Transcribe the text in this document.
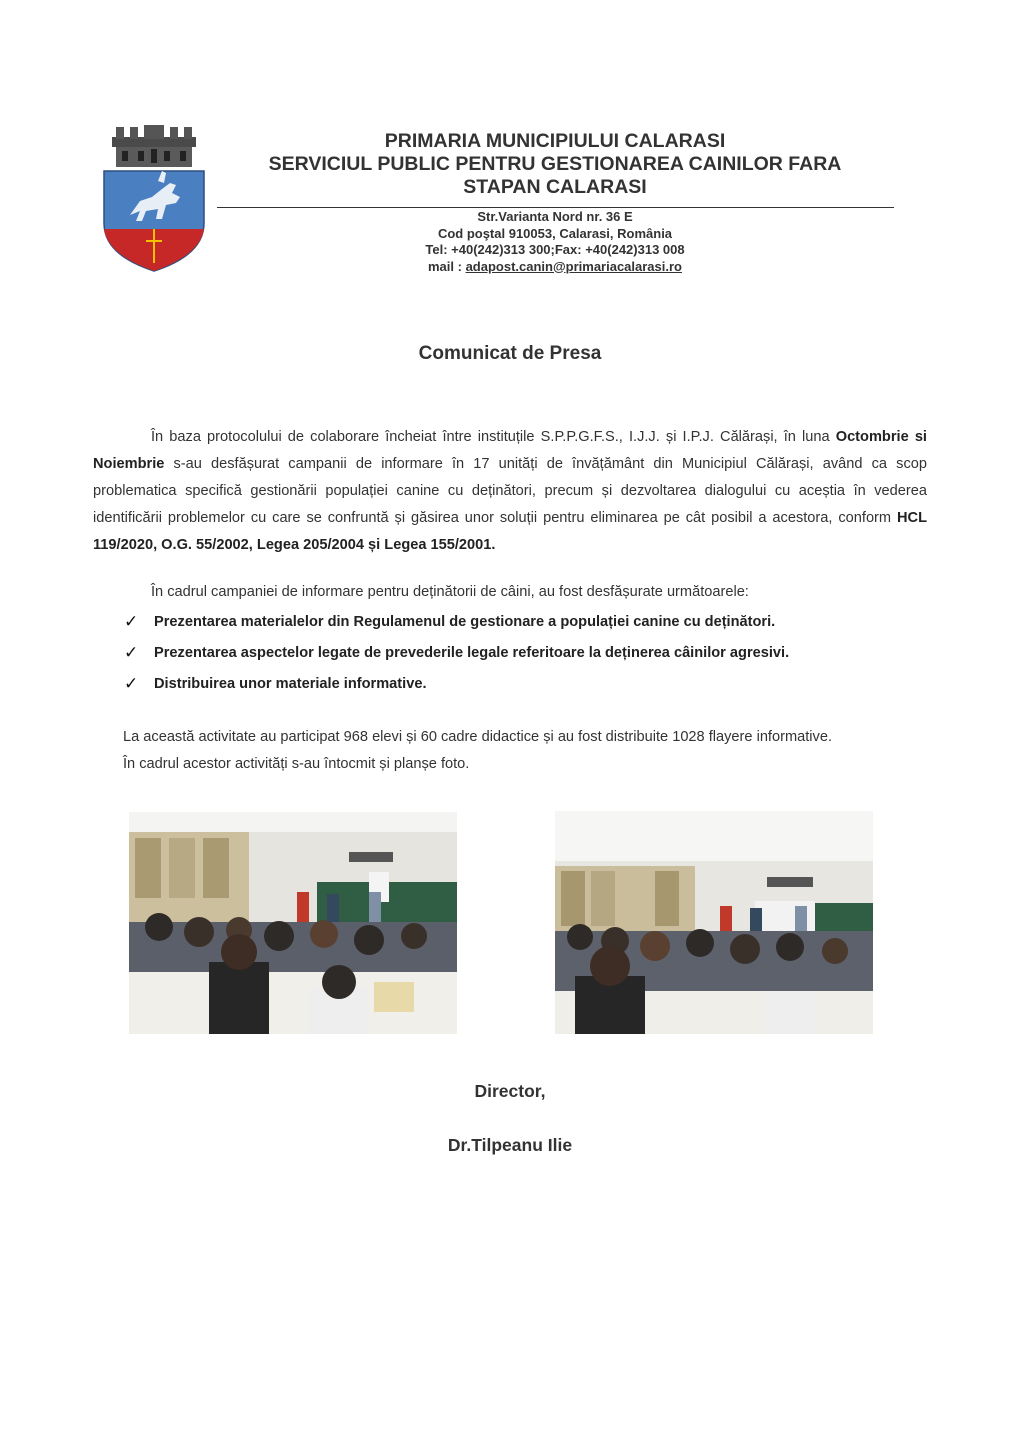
PRIMARIA MUNICIPIULUI CALARASI
SERVICIUL PUBLIC PENTRU GESTIONAREA CAINILOR FARA
STAPAN CALARASI
Str.Varianta Nord nr. 36 E
Cod poştal 910053, Calarasi, România
Tel: +40(242)313 300;Fax: +40(242)313 008
mail : adapost.canin@primariacalarasi.ro
Comunicat de Presa
În baza protocolului de colaborare încheiat între instituțile S.P.P.G.F.S., I.J.J. și I.P.J. Călărași, în luna Octombrie si Noiembrie s-au desfășurat campanii de informare în 17 unități de învățământ din Municipiul Călărași, având ca scop problematica specifică gestionării populației canine cu deținători, precum și dezvoltarea dialogului cu aceștia în vederea identificării problemelor cu care se confruntă și găsirea unor soluții pentru eliminarea pe cât posibil a acestora, conform HCL 119/2020, O.G. 55/2002, Legea 205/2004 și Legea 155/2001.
În cadrul campaniei de informare pentru deținătorii de câini, au fost desfășurate următoarele:
✓ Prezentarea materialelor din Regulamenul de gestionare a populației canine cu deținători.
✓ Prezentarea aspectelor legate de prevederile legale referitoare la deținerea câinilor agresivi.
✓ Distribuirea unor materiale informative.
La această activitate au participat 968 elevi și 60 cadre didactice și au fost distribuite 1028 flayere informative.
În cadrul acestor activități s-au întocmit și planșe foto.
Director,
Dr.Tilpeanu Ilie
